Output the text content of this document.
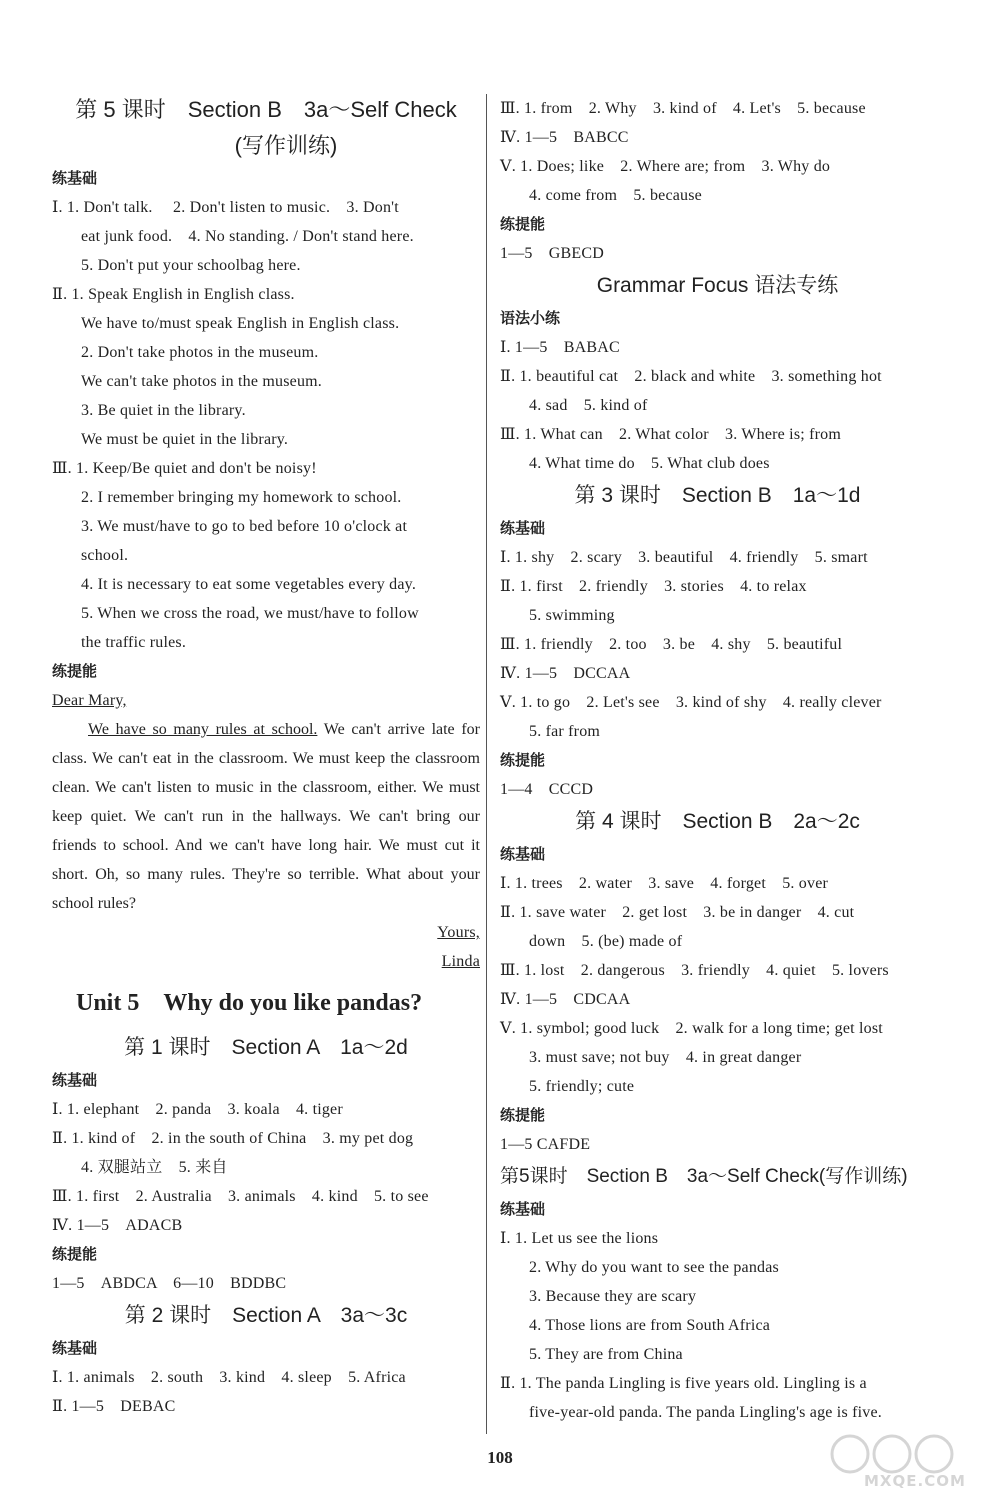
第 5 课时　Section B　3a～Self Check
(写作训练)
练基础
Ⅰ. 1. Don't talk.　 2. Don't listen to music.　3. Don't
eat junk food.　4. No standing. / Don't stand here.
5. Don't put your schoolbag here.
Ⅱ. 1. Speak English in English class.
We have to/must speak English in English class.
2. Don't take photos in the museum.
We can't take photos in the museum.
3. Be quiet in the library.
We must be quiet in the library.
Ⅲ. 1. Keep/Be quiet and don't be noisy!
2. I remember bringing my homework to school.
3. We must/have to go to bed before 10 o'clock at
school.
4. It is necessary to eat some vegetables every day.
5. When we cross the road, we must/have to follow
the traffic rules.
练提能
Dear Mary,
We have so many rules at school. We can't arrive late for class. We can't eat in the classroom. We must keep the classroom clean. We can't listen to music in the classroom, either. We must keep quiet. We can't run in the hallways. We can't bring our friends to school. And we can't have long hair. We must cut it short. Oh, so many rules. They're so terrible. What about your school rules?
Yours,
Linda
Unit 5　Why do you like pandas?
第 1 课时　Section A　1a～2d
练基础
Ⅰ. 1. elephant　2. panda　3. koala　4. tiger
Ⅱ. 1. kind of　2. in the south of China　3. my pet dog
4. 双腿站立　5. 来自
Ⅲ. 1. first　2. Australia　3. animals　4. kind　5. to see
Ⅳ. 1—5　ADACB
练提能
1—5　ABDCA　6—10　BDDBC
第 2 课时　Section A　3a～3c
练基础
Ⅰ. 1. animals　2. south　3. kind　4. sleep　5. Africa
Ⅱ. 1—5　DEBAC
Ⅲ. 1. from　2. Why　3. kind of　4. Let's　5. because
Ⅳ. 1—5　BABCC
Ⅴ. 1. Does; like　2. Where are; from　3. Why do
4. come from　5. because
练提能
1—5　GBECD
Grammar Focus 语法专练
语法小练
Ⅰ. 1—5　BABAC
Ⅱ. 1. beautiful cat　2. black and white　3. something hot
4. sad　5. kind of
Ⅲ. 1. What can　2. What color　3. Where is; from
4. What time do　5. What club does
第 3 课时　Section B　1a～1d
练基础
Ⅰ. 1. shy　2. scary　3. beautiful　4. friendly　5. smart
Ⅱ. 1. first　2. friendly　3. stories　4. to relax
5. swimming
Ⅲ. 1. friendly　2. too　3. be　4. shy　5. beautiful
Ⅳ. 1—5　DCCAA
Ⅴ. 1. to go　2. Let's see　3. kind of shy　4. really clever
5. far from
练提能
1—4　CCCD
第 4 课时　Section B　2a～2c
练基础
Ⅰ. 1. trees　2. water　3. save　4. forget　5. over
Ⅱ. 1. save water　2. get lost　3. be in danger　4. cut
down　5. (be) made of
Ⅲ. 1. lost　2. dangerous　3. friendly　4. quiet　5. lovers
Ⅳ. 1—5　CDCAA
Ⅴ. 1. symbol; good luck　2. walk for a long time; get lost
3. must save; not buy　4. in great danger
5. friendly; cute
练提能
1—5 CAFDE
第5课时　Section B　3a～Self Check(写作训练)
练基础
Ⅰ. 1. Let us see the lions
2. Why do you want to see the pandas
3. Because they are scary
4. Those lions are from South Africa
5. They are from China
Ⅱ. 1. The panda Lingling is five years old. Lingling is a
five-year-old panda. The panda Lingling's age is five.
108
MXQE.COM
